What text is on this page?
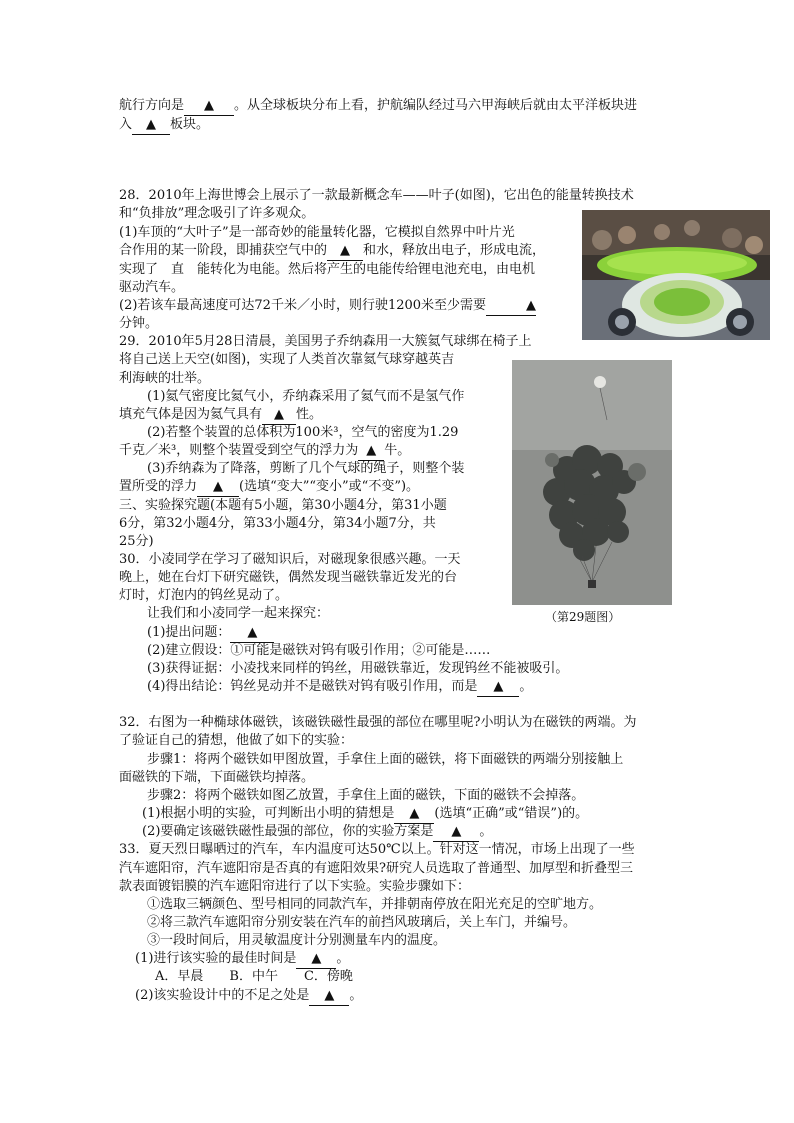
航行方向是 ▲ 。从全球板块分布上看，护航编队经过马六甲海峡后就由太平洋板块进
入 ▲ 板块。
28．2010年上海世博会上展示了一款最新概念车——叶子(如图)，它出色的能量转换技术
和“负排放”理念吸引了许多观众。
(1)车顶的“大叶子”是一部奇妙的能量转化器，它模拟自然界中叶片光
合作用的某一阶段，即捕获空气中的 ▲ 和水，释放出电子，形成电流，
实现了　直　能转化为电能。然后将产生的电能传给锂电池充电，由电机
驱动汽车。
(2)若该车最高速度可达72千米／小时，则行驶1200米至少需要	▲
分钟。
29．2010年5月28日清晨，美国男子乔纳森用一大簇氦气球绑在椅子上
将自己送上天空(如图)，实现了人类首次靠氦气球穿越英吉
利海峡的壮举。
(1)氦气密度比氦气小，乔纳森采用了氦气而不是氢气作
填充气体是因为氦气具有 ▲ 性。
(2)若整个装置的总体积为100米³，空气的密度为1.29
千克／米³，则整个装置受到空气的浮力为 ▲ 牛。
(3)乔纳森为了降落，剪断了几个气球的绳子，则整个装
置所受的浮力 ▲ (选填“变大”“变小”或“不变”)。
（第29题图）
三、实验探究题(本题有5小题，第30小题4分，第31小题
6分，第32小题4分，第33小题4分，第34小题7分，共
25分)
30．小凌同学在学习了磁知识后，对磁现象很感兴趣。一天
晚上，她在台灯下研究磁铁，偶然发现当磁铁靠近发光的台
灯时，灯泡内的钨丝晃动了。
让我们和小凌同学一起来探究：
(1)提出问题： ▲
(2)建立假设：①可能是磁铁对钨有吸引作用；②可能是……
(3)获得证据：小凌找来同样的钨丝，用磁铁靠近，发现钨丝不能被吸引。
(4)得出结论：钨丝晃动并不是磁铁对钨有吸引作用，而是 ▲ 。
32．右图为一种椭球体磁铁，该磁铁磁性最强的部位在哪里呢?小明认为在磁铁的两端。为
了验证自己的猜想，他做了如下的实验：
步骤1：将两个磁铁如甲图放置，手拿住上面的磁铁，将下面磁铁的两端分别接触上
面磁铁的下端，下面磁铁均掉落。
步骤2：将两个磁铁如图乙放置，手拿住上面的磁铁，下面的磁铁不会掉落。
(1)根据小明的实验，可判断出小明的猜想是 ▲ (选填“正确”或“错误”)的。
(2)要确定该磁铁磁性最强的部位，你的实验方案是 ▲ 。
33．夏天烈日曝晒过的汽车，车内温度可达50℃以上。针对这一情况，市场上出现了一些
汽车遮阳帘，汽车遮阳帘是否真的有遮阳效果?研究人员选取了普通型、加厚型和折叠型三
款表面镀铝膜的汽车遮阳帘进行了以下实验。实验步骤如下：
①选取三辆颜色、型号相同的同款汽车，并排朝南停放在阳光充足的空旷地方。
②将三款汽车遮阳帘分别安装在汽车的前挡风玻璃后，关上车门，并编号。
③一段时间后，用灵敏温度计分别测量车内的温度。
(1)进行该实验的最佳时间是 ▲ 。
A．早晨　　B．中午　　C．傍晚
(2)该实验设计中的不足之处是 ▲ 。
